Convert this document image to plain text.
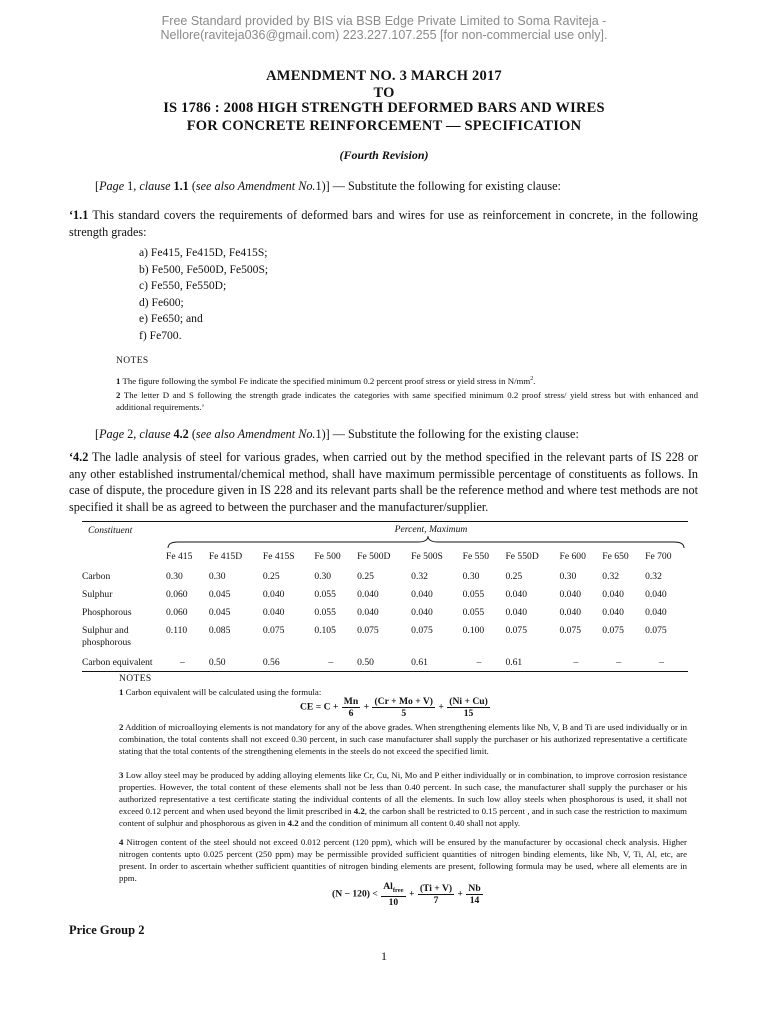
Free Standard provided by BIS via BSB Edge Private Limited to Soma Raviteja -
Nellore(raviteja036@gmail.com) 223.227.107.255 [for non-commercial use only].
AMENDMENT NO. 3 MARCH 2017
TO
IS 1786 : 2008 HIGH STRENGTH DEFORMED BARS AND WIRES
FOR CONCRETE REINFORCEMENT — SPECIFICATION
(Fourth Revision)
[Page 1, clause 1.1 (see also Amendment No.1)] — Substitute the following for existing clause:
‘1.1 This standard covers the requirements of deformed bars and wires for use as reinforcement in concrete, in the following strength grades:
a) Fe415, Fe415D, Fe415S;
b) Fe500, Fe500D, Fe500S;
c) Fe550, Fe550D;
d) Fe600;
e) Fe650; and
f) Fe700.
NOTES
1 The figure following the symbol Fe indicate the specified minimum 0.2 percent proof stress or yield stress in $N/mm^2$.
2 The letter D and S following the strength grade indicates the categories with same specified minimum 0.2 proof stress/ yield stress but with enhanced and additional requirements.’
[Page 2, clause 4.2 (see also Amendment No.1)] — Substitute the following for the existing clause:
‘4.2 The ladle analysis of steel for various grades, when carried out by the method specified in the relevant parts of IS 228 or any other established instrumental/chemical method, shall have maximum permissible percentage of constituents as follows. In case of dispute, the procedure given in IS 228 and its relevant parts shall be the reference method and where test methods are not specified it shall be as agreed to between the purchaser and the manufacturer/supplier.
Constituent	Percent, Maximum
	Fe 415	Fe 415D	Fe 415S	Fe 500	Fe 500D	Fe 500S	Fe 550	Fe 550D	Fe 600	Fe 650	Fe 700
Carbon	0.30	0.30	0.25	0.30	0.25	0.32	0.30	0.25	0.30	0.32	0.32
Sulphur	0.060	0.045	0.040	0.055	0.040	0.040	0.055	0.040	0.040	0.040	0.040
Phosphorous	0.060	0.045	0.040	0.055	0.040	0.040	0.055	0.040	0.040	0.040	0.040
Sulphur and phosphorous	0.110	0.085	0.075	0.105	0.075	0.075	0.100	0.075	0.075	0.075	0.075
Carbon equivalent	–	0.50	0.56	–	0.50	0.61	–	0.61	–	–	–
NOTES
1 Carbon equivalent will be calculated using the formula:
CE = $C + \frac{Mn}{6} + \frac{(Cr + Mo + V)}{5} + \frac{(Ni + Cu)}{15}$
2 Addition of microalloying elements is not mandatory for any of the above grades. When strengthening elements like Nb, V, B and Ti are used individually or in combination, the total contents shall not exceed 0.30 percent, in such case manufacturer shall supply the purchaser or his authorized representative a certificate stating that the total contents of the strengthening elements in the steels do not exceed the specified limit.
3 Low alloy steel may be produced by adding alloying elements like Cr, Cu, Ni, Mo and P either individually or in combination, to improve corrosion resistance properties. However, the total content of these elements shall not be less than 0.40 percent. In such case, the manufacturer shall supply the purchaser or his authorized representative a test certificate stating the individual contents of all the elements. In such low alloy steels when phosphorous is used, it shall not exceed 0.12 percent and when used beyond the limit prescribed in 4.2, the carbon shall be restricted to 0.15 percent , and in such case the restriction to maximum content of sulphur and phosphorous as given in 4.2 and the condition of minimum all content 0.40 shall not apply.
4 Nitrogen content of the steel should not exceed 0.012 percent (120 ppm), which will be ensured by the manufacturer by occasional check analysis. Higher nitrogen contents upto 0.025 percent (250 ppm) may be permissible provided sufficient quantities of nitrogen binding elements, like Nb, V, Ti, Al, etc, are present. In order to ascertain whether sufficient quantities of nitrogen binding elements are present, following formula may be used, where all elements are in ppm.
$(N - 120) < \frac{Al_{free}}{10} + \frac{(Ti + V)}{7} + \frac{Nb}{14}$
Price Group 2
1
